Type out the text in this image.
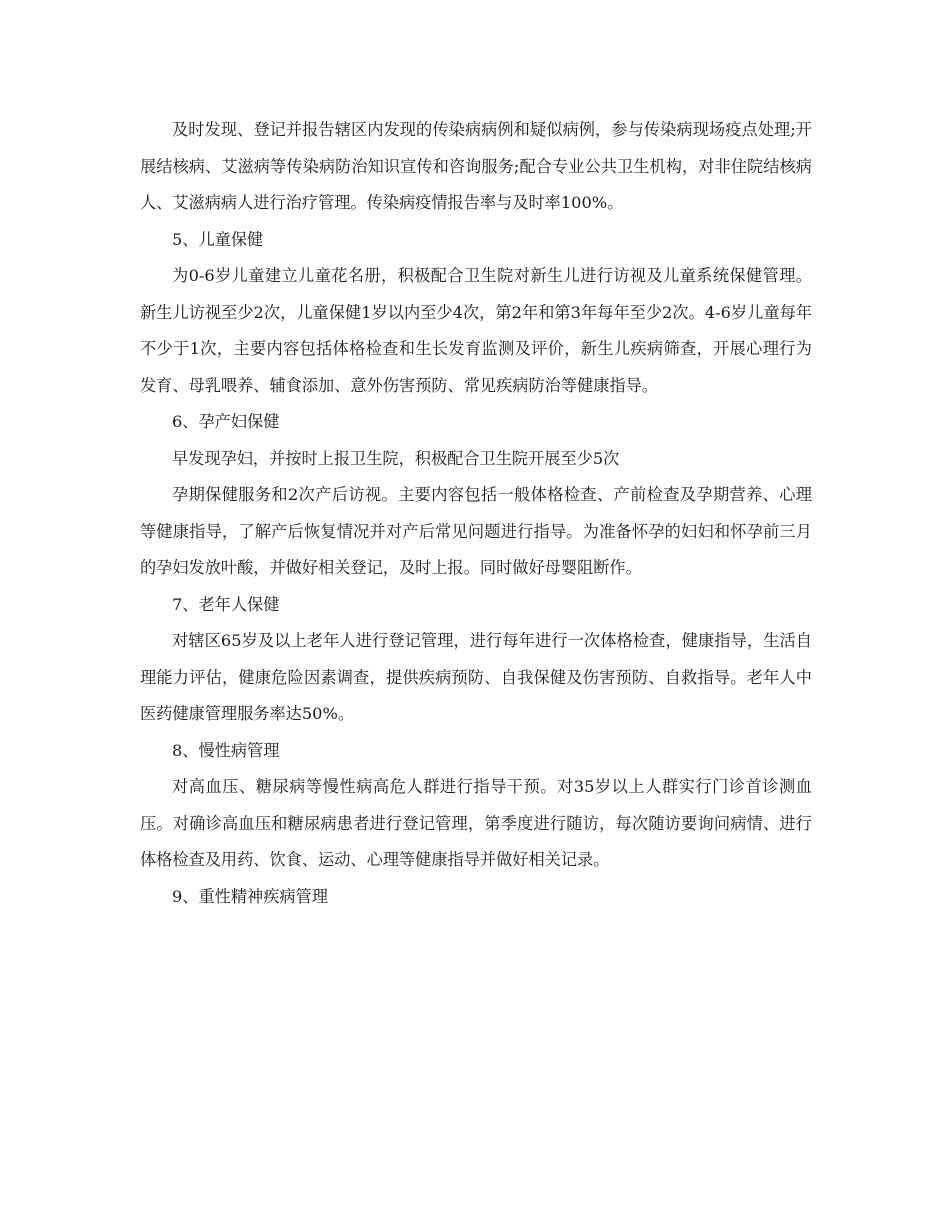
及时发现、登记并报告辖区内发现的传染病病例和疑似病例，参与传染病现场疫点处理;开展结核病、艾滋病等传染病防治知识宣传和咨询服务;配合专业公共卫生机构，对非住院结核病人、艾滋病病人进行治疗管理。传染病疫情报告率与及时率100%。

5、儿童保健

为0-6岁儿童建立儿童花名册，积极配合卫生院对新生儿进行访视及儿童系统保健管理。新生儿访视至少2次，儿童保健1岁以内至少4次，第2年和第3年每年至少2次。4-6岁儿童每年不少于1次，主要内容包括体格检查和生长发育监测及评价，新生儿疾病筛查，开展心理行为发育、母乳喂养、辅食添加、意外伤害预防、常见疾病防治等健康指导。

6、孕产妇保健

早发现孕妇，并按时上报卫生院，积极配合卫生院开展至少5次

孕期保健服务和2次产后访视。主要内容包括一般体格检查、产前检查及孕期营养、心理等健康指导，了解产后恢复情况并对产后常见问题进行指导。为准备怀孕的妇妇和怀孕前三月的孕妇发放叶酸，并做好相关登记，及时上报。同时做好母婴阻断作。

7、老年人保健

对辖区65岁及以上老年人进行登记管理，进行每年进行一次体格检查，健康指导，生活自理能力评估，健康危险因素调查，提供疾病预防、自我保健及伤害预防、自救指导。老年人中医药健康管理服务率达50%。

8、慢性病管理

对高血压、糖尿病等慢性病高危人群进行指导干预。对35岁以上人群实行门诊首诊测血压。对确诊高血压和糖尿病患者进行登记管理，第季度进行随访，每次随访要询问病情、进行体格检查及用药、饮食、运动、心理等健康指导并做好相关记录。

9、重性精神疾病管理
